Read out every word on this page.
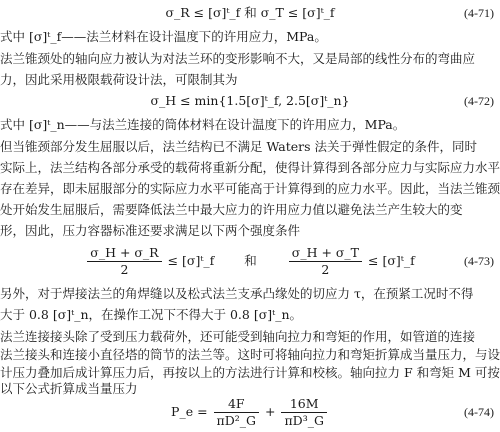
σ_R ≤ [σ]ᵗ_f 和 σ_T ≤ [σ]ᵗ_f	(4-71)
式中 [σ]ᵗ_f——法兰材料在设计温度下的许用应力，MPa。
法兰锥颈处的轴向应力被认为对法兰环的变形影响不大，又是局部的线性分布的弯曲应
力，因此采用极限载荷设计法，可限制其为
σ_H ≤ min{1.5[σ]ᵗ_f, 2.5[σ]ᵗ_n}	(4-72)
式中 [σ]ᵗ_n——与法兰连接的筒体材料在设计温度下的许用应力，MPa。
但当锥颈部分发生屈服以后，法兰结构已不满足 Waters 法关于弹性假定的条件，同时
实际上，法兰结构各部分承受的载荷将重新分配，使得计算得到各部分应力与实际应力水平
存在差异，即未屈服部分的实际应力水平可能高于计算得到的应力水平。因此，当法兰锥颈
处开始发生屈服后，需要降低法兰中最大应力的许用应力值以避免法兰产生较大的变
形，因此，压力容器标准还要求满足以下两个强度条件
$\frac{\sigma\_H + \sigma\_R}{2}$ ≤ [σ]ᵗ_f 和	$\frac{\sigma\_H + \sigma\_T}{2}$ ≤ [σ]ᵗ_f	(4-73)
另外，对于焊接法兰的角焊缝以及松式法兰支承凸缘处的切应力 τ，在预紧工况时不得
大于 0.8 [σ]ᵗ_n，在操作工况下不得大于 0.8 [σ]ᵗ_n。
法兰连接接头除了受到压力载荷外，还可能受到轴向拉力和弯矩的作用，如管道的连接
法兰接头和连接小直径塔的筒节的法兰等。这时可将轴向拉力和弯矩折算成当量压力，与设
计压力叠加后成计算压力后，再按以上的方法进行计算和校核。轴向拉力 F 和弯矩 M 可按
以下公式折算成当量压力
P_e = $\frac{4F}{\text{πD²\_G}} + \frac{16M}{\text{πD³\_G}}$	(4-74)
